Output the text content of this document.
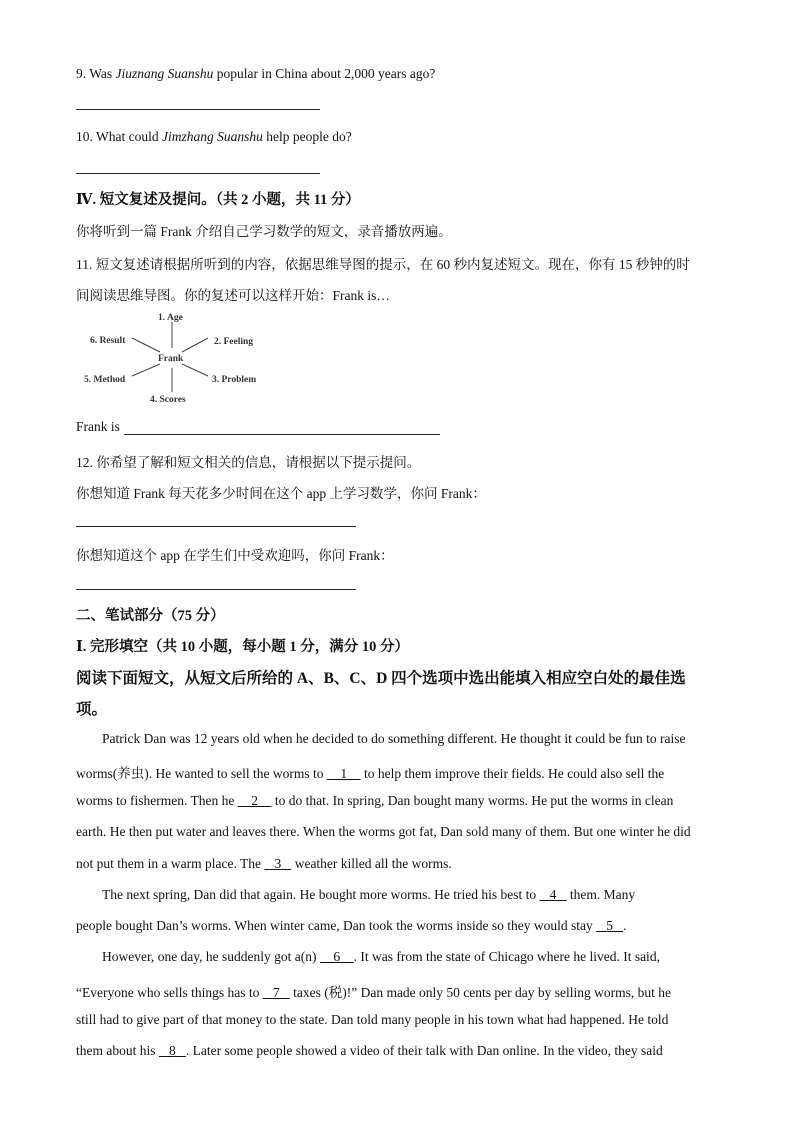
9. Was Jiuznang Suanshu popular in China about 2,000 years ago?
10. What could Jimzhang Suanshu help people do?
Ⅳ. 短文复述及提问。（共 2 小题，共 11 分）
你将听到一篇 Frank 介绍自己学习数学的短文，录音播放两遍。
11. 短文复述请根据所听到的内容，依据思维导图的提示，在 60 秒内复述短文。现在，你有 15 秒钟的时
间阅读思维导图。你的复述可以这样开始：Frank is…
Frank
1. Age
2. Feeling
3. Problem
4. Scores
5. Method
6. Result
Frank is
12. 你希望了解和短文相关的信息，请根据以下提示提问。
你想知道 Frank 每天花多少时间在这个 app 上学习数学，你问 Frank：
你想知道这个 app 在学生们中受欢迎吗，你问 Frank：
二、笔试部分（75 分）
Ⅰ. 完形填空（共 10 小题，每小题 1 分，满分 10 分）
阅读下面短文，从短文后所给的 A、B、C、D 四个选项中选出能填入相应空白处的最佳选
项。
Patrick Dan was 12 years old when he decided to do something different. He thought it could be fun to raise
worms(养虫). He wanted to sell the worms to     1     to help them improve their fields. He could also sell the
worms to fishermen. Then he     2     to do that. In spring, Dan bought many worms. He put the worms in clean
earth. He then put water and leaves there. When the worms got fat, Dan sold many of them. But one winter he did
not put them in a warm place. The    3    weather killed all the worms.
The next spring, Dan did that again. He bought more worms. He tried his best to    4    them. Many
people bought Dan’s worms. When winter came, Dan took the worms inside so they would stay    5 .
However, one day, he suddenly got a(n)     6 . It was from the state of Chicago where he lived. It said,
“Everyone who sells things has to    7    taxes (税)!” Dan made only 50 cents per day by selling worms, but he
still had to give part of that money to the state. Dan told many people in his town what had happened. He told
them about his    8 . Later some people showed a video of their talk with Dan online. In the video, they said
